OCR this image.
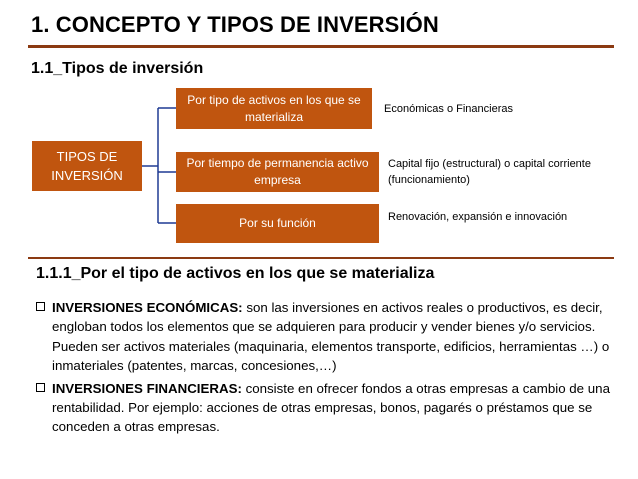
1. CONCEPTO Y TIPOS DE INVERSIÓN
1.1_Tipos de inversión
TIPOS DE INVERSIÓN
Por tipo de activos en los que se materializa
Por tiempo de permanencia activo empresa
Por su función
Económicas o Financieras
Capital fijo (estructural) o capital corriente (funcionamiento)
Renovación, expansión e innovación
1.1.1_Por el tipo de activos en los que se materializa
INVERSIONES ECONÓMICAS: son las inversiones en activos reales o productivos, es decir, engloban todos los elementos que se adquieren para producir y vender bienes y/o servicios. Pueden ser activos materiales (maquinaria, elementos transporte, edificios, herramientas …) o inmateriales (patentes, marcas, concesiones,…)
INVERSIONES FINANCIERAS: consiste en ofrecer fondos a otras empresas a cambio de una rentabilidad. Por ejemplo: acciones de otras empresas, bonos, pagarés o préstamos que se conceden a otras empresas.
